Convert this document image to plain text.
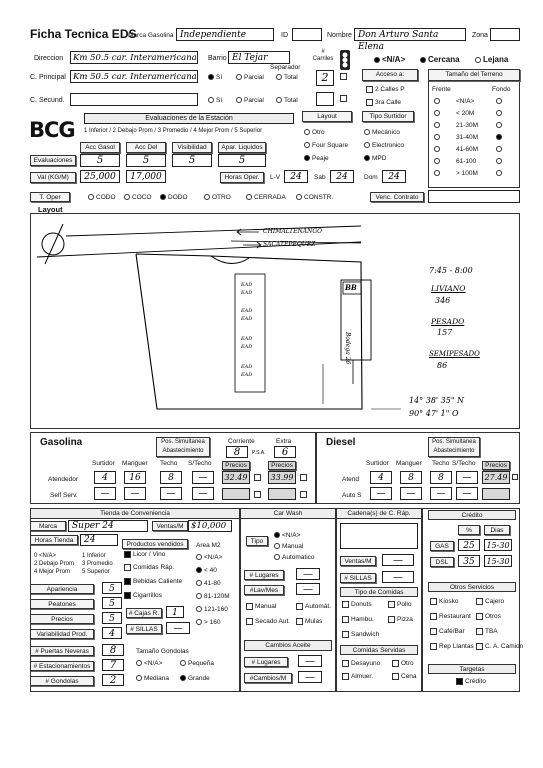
Ficha Tecnica EDS
Marca Gasolina Independiente	ID	Nombre Don Arturo Santa Elena
Zona
Direccion	Km 50.5 car. Interamericana Barrio El Tejar
# Carriles	<N/A>	Cercana	Lejana
Separador
C. Principal Km 50.5 car. Interamericana	Sí	Parcial	Total	2	Acceso a:
2 Calles P
3ra Calle
C. Secund.	Sí	Parcial	Total
Tamaño del Terreno
Frente	Fondo
<N/A>
< 20M
21-30M
31-40M
41-60M
61-100
> 100M
BCG	Evaluaciones de la Estación
1 Inferior / 2 Debajo Prom / 3 Promedio / 4 Mejor Prom / 5 Superior
Layout	Tipo Surtidor
Otro	Mecánico
Four Square	Electronico
Peaje	MPD
Acc Gasol	Acc Del	Visibilidad	Apar. Liquidos
Evaluaciones	5	5	5	5
Val (KG/M)	25,000	17,000	Horas Oper.	L-V	24	Sab	24	Dom	24
T. Oper	CODO	COCO	DODO	OTRO	CERRADA	CONSTR.	Venc. Contrato
Layout
EAD
EAD
EAD
EAD
EAD
EAD
EAD
EAD
CHIMALTENANGO
SACATEPEQUEZ
BB
Bodega 26
7:45 - 8:00
LIVIANO
346
PESADO
157
SEMIPESADO
86
14° 38' 35" N
90° 47' 1" O
Gasolina	Pos. Simultanea Abastecimiento
Corriente	Extra
8	P.S.A.	6
Surtidor Manguer Techo S/Techo	Precios	Precios
Atendedor	4	16	8	—	32.49	33.99
Self Serv.	—	—	—	—
Diesel	Pos. Simultanea Abastecimiento
Surtidor Manguer Techo S/Techo	Precios
Atend	4	8	8	—	27.49
Auto S	—	—	—	—
Tienda de Conveniencia
Marca	Super 24	Ventas/M $10,000
Horas Tienda	24
0 <N/A>	1 Inferior
2 Debajo Prom 3 Promedio
4 Mejor Prom 5 Superior
Productos vendidos
Licor / Vino
Comidas Ráp.
Bebidas Caliente
Cigarrillos
Area M2
<N/A>
< 40
41-80
81-120M
121-160
> 160
Apariencia	5
Peatones	5
Precios	5
Variabilidad Prod.	4
# Cajas R.	1
# SILLAS	—
# Puertas Neveras	8
# Estacionamientos	7
# Gondolas	2
Tamaño Gondolas
<N/A>	Pequeña
Mediana	Grande
Car Wash
Tipo
<N/A>
Manual
Automatico
# Lugares	—
#Lav/Mes	—
Manual	Automát.
Secado Aut.	Mulas
Cambios Aceite
# Lugares	—
#Cambios/M	—
Cadena(s) de C. Ráp.
Ventas/M	—
# SILLAS	—
Tipo de Comidas
Donuts	Pollo
Hambu.	Pizza
Sandwich
Comidas Servidas
Desayuno	Otro
Almuer.	Cena
Crédito
%	Dias
GAS	25	15-30
DSL	35	15-30
Otros Servicios
Kiosko	Cajero
Restaurant	Otros
Café/Bar	TBA
Rep Llantas	C. A. Camion
Targetas
Crédito
